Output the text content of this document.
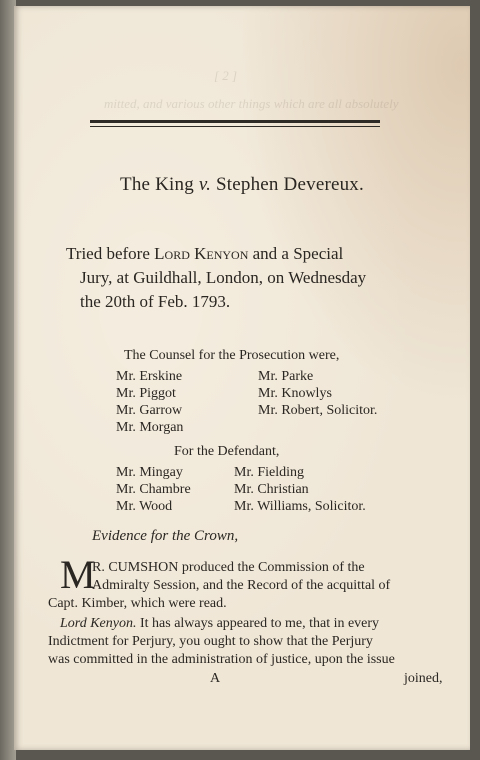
[ 2 ]
mitted, and various other things which are all absolutely
The King v. Stephen Devereux.
Tried before Lord Kenyon and a Special
Jury, at Guildhall, London, on Wednesday
the 20th of Feb. 1793.
The Counsel for the Prosecution were,
Mr. Erskine
Mr. Piggot
Mr. Garrow
Mr. Morgan
Mr. Parke
Mr. Knowlys
Mr. Robert, Solicitor.
For the Defendant,
Mr. Mingay
Mr. Chambre
Mr. Wood
Mr. Fielding
Mr. Christian
Mr. Williams, Solicitor.
Evidence for the Crown,
M
R. CUMSHON produced the Commission of the
Admiralty Session, and the Record of the acquittal of
Capt. Kimber, which were read.
Lord Kenyon. It has always appeared to me, that in every
Indictment for Perjury, you ought to show that the Perjury
was committed in the administration of justice, upon the issue
A	joined,
